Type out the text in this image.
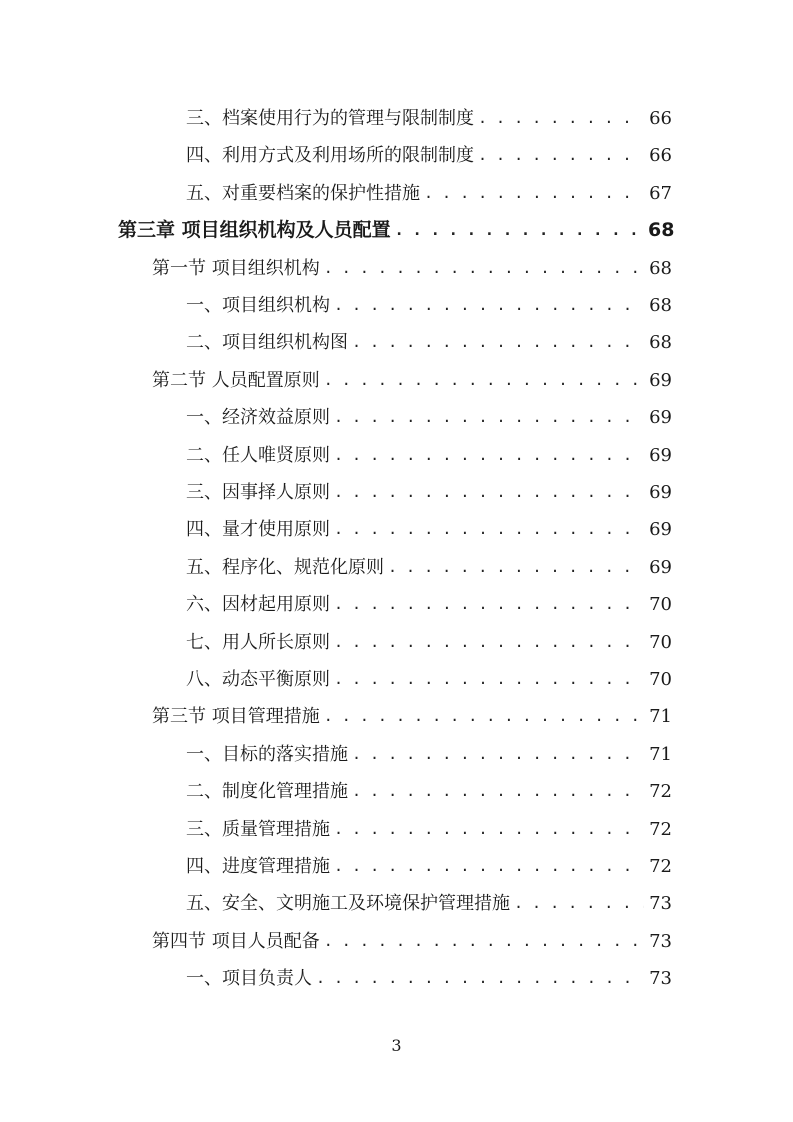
三、档案使用行为的管理与限制制度 . . .	66
四、利用方式及利用场所的限制制度 . . .	66
五、对重要档案的保护性措施 . . .	67
第三章 项目组织机构及人员配置 . . .	68
第一节 项目组织机构 . . .	68
一、项目组织机构 . . .	68
二、项目组织机构图 . . .	68
第二节 人员配置原则 . . .	69
一、经济效益原则 . . .	69
二、任人唯贤原则 . . .	69
三、因事择人原则 . . .	69
四、量才使用原则 . . .	69
五、程序化、规范化原则 . . .	69
六、因材起用原则 . . .	70
七、用人所长原则 . . .	70
八、动态平衡原则 . . .	70
第三节 项目管理措施 . . .	71
一、目标的落实措施 . . .	71
二、制度化管理措施 . . .	72
三、质量管理措施 . . .	72
四、进度管理措施 . . .	72
五、安全、文明施工及环境保护管理措施 . . .	73
第四节 项目人员配备 . . .	73
一、项目负责人 . . .	73
3
